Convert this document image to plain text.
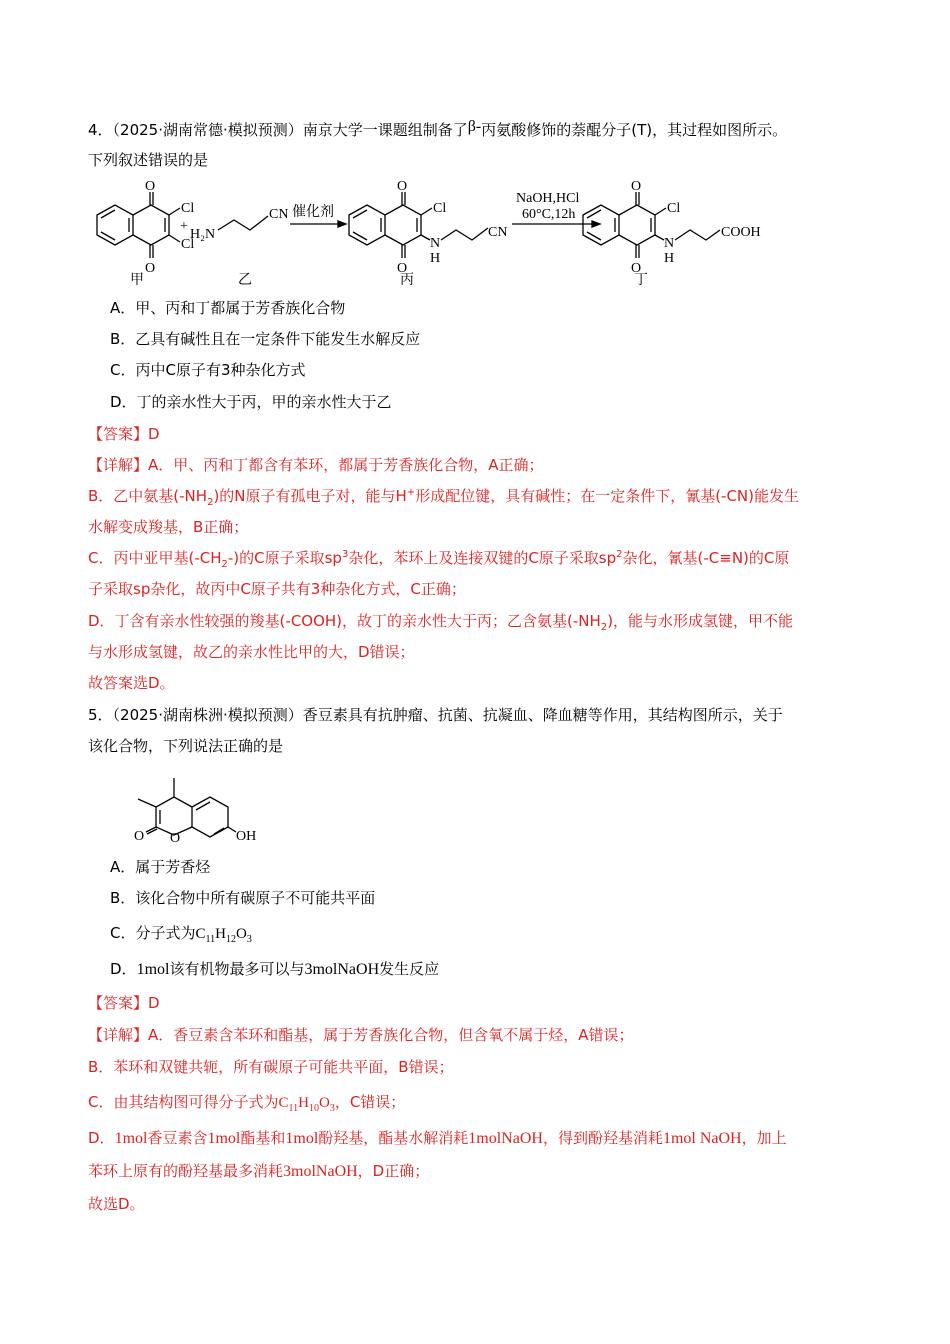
4．（2025·湖南常德·模拟预测）南京大学一课题组制备了β-丙氨酸修饰的萘醌分子(T)，其过程如图所示。
下列叙述错误的是
O
O
Cl
Cl
甲
+
H₂N
CN
乙
催化剂
O
O
Cl
N
H
CN
丙
NaOH,HCl
60°C,12h
O
O
Cl
N
H
COOH
丁
A．甲、丙和丁都属于芳香族化合物
B．乙具有碱性且在一定条件下能发生水解反应
C．丙中C原子有3种杂化方式
D．丁的亲水性大于丙，甲的亲水性大于乙
【答案】D
【详解】A．甲、丙和丁都含有苯环，都属于芳香族化合物，A正确；
B．乙中氨基$(-NH_2)$的N原子有孤电子对，能与H+形成配位键，具有碱性；在一定条件下，氰基(-CN)能发生
水解变成羧基，B正确；
C．丙中亚甲基$(-CH_2-)$的C原子采取$sp^3$杂化，苯环上及连接双键的C原子采取$sp^2$杂化，氰基(-C≡N)的C原
子采取sp杂化，故丙中C原子共有3种杂化方式，C正确；
D．丁含有亲水性较强的羧基(-COOH)，故丁的亲水性大于丙；乙含氨基$(-NH_2)$，能与水形成氢键，甲不能
与水形成氢键，故乙的亲水性比甲的大，D错误；
故答案选D。
5．（2025·湖南株洲·模拟预测）香豆素具有抗肿瘤、抗菌、抗凝血、降血糖等作用，其结构图所示，关于
该化合物，下列说法正确的是
O O	OH
A．属于芳香烃
B．该化合物中所有碳原子不可能共平面
C．分子式为$C_{11}H_{12}O_3$
D．1mol该有机物最多可以与3molNaOH发生反应
【答案】D
【详解】A．香豆素含苯环和酯基，属于芳香族化合物，但含氧不属于烃，A错误；
B．苯环和双键共轭，所有碳原子可能共平面，B错误；
C．由其结构图可得分子式为$C_{11}H_{10}O_3$，C错误；
D．1mol香豆素含1mol酯基和1mol酚羟基，酯基水解消耗1molNaOH，得到酚羟基消耗1mol NaOH，加上
苯环上原有的酚羟基最多消耗3molNaOH，D正确；
故选D。
